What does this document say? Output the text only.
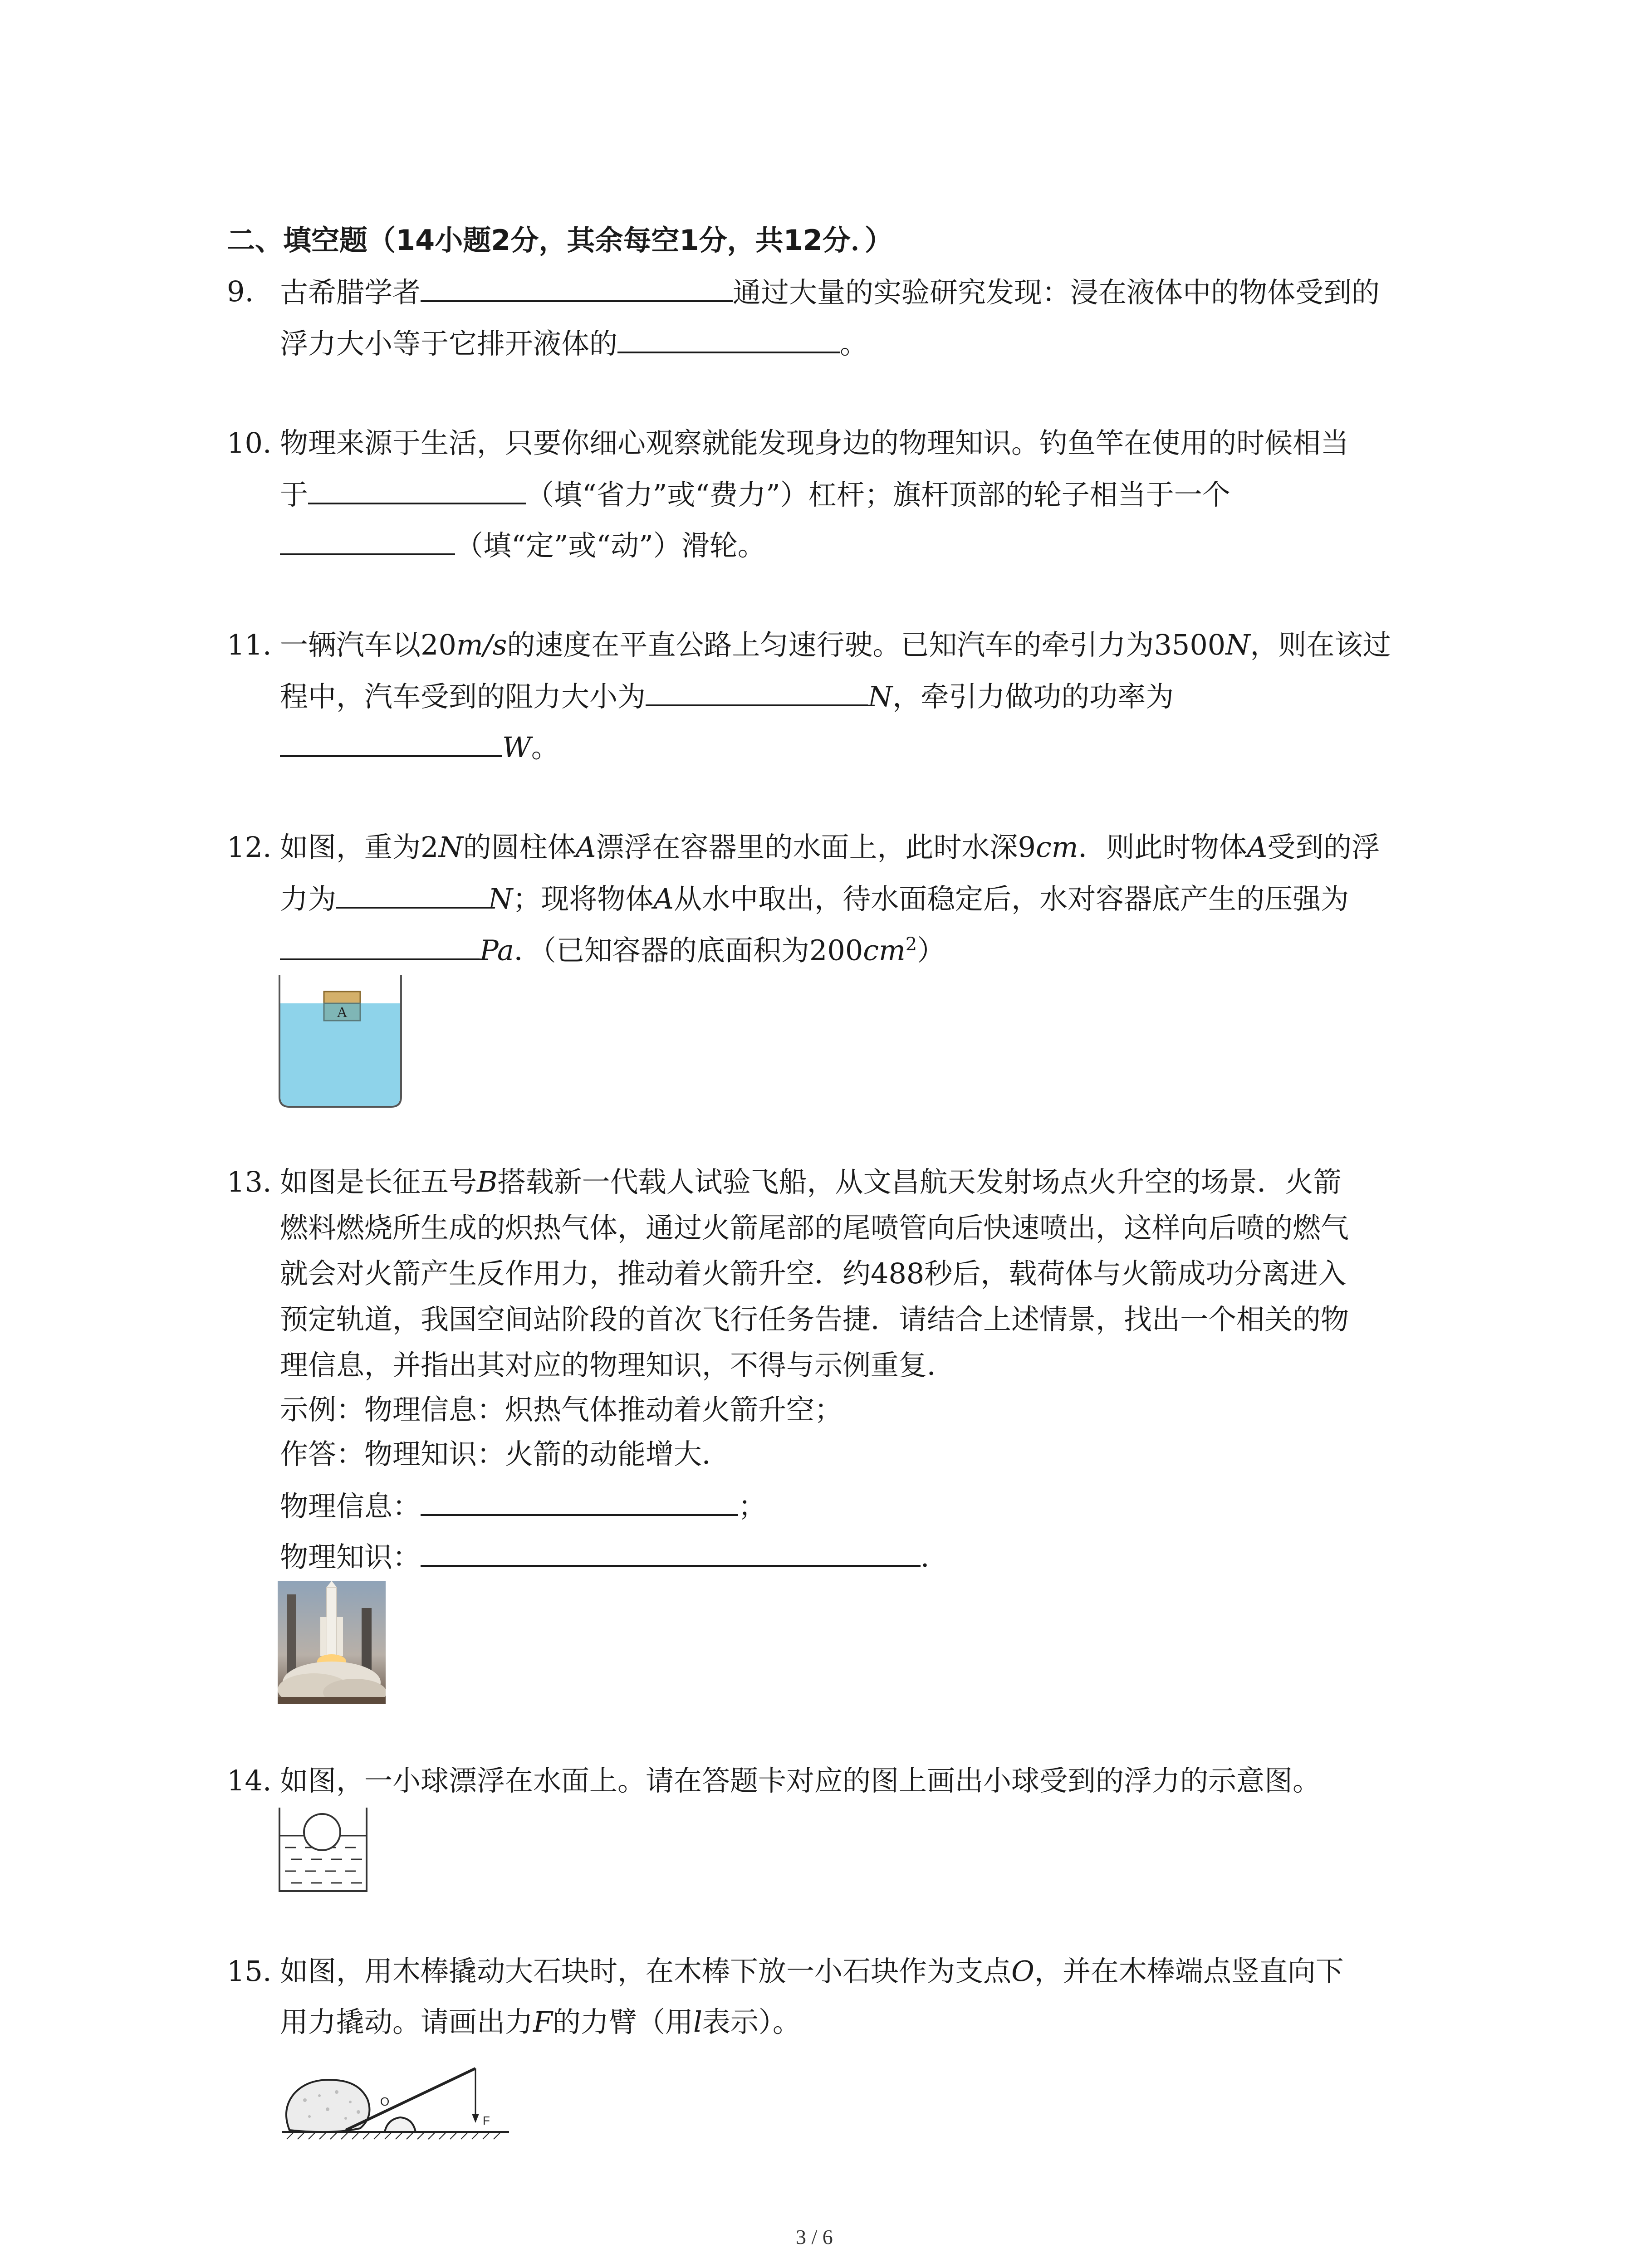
二、填空题（14小题2分，其余每空1分，共12分．）
9. 古希腊学者	通过大量的实验研究发现：浸在液体中的物体受到的
浮力大小等于它排开液体的	。
10. 物理来源于生活，只要你细心观察就能发现身边的物理知识。钓鱼竿在使用的时候相当
于	（填“省力”或“费力”）杠杆；旗杆顶部的轮子相当于一个
（填“定”或“动”）滑轮。
11. 一辆汽车以20m/s的速度在平直公路上匀速行驶。已知汽车的牵引力为3500N，则在该过
程中，汽车受到的阻力大小为	N，牵引力做功的功率为
W。
12. 如图，重为2N的圆柱体A漂浮在容器里的水面上，此时水深9cm．则此时物体A受到的浮
力为	N；现将物体A从水中取出，待水面稳定后，水对容器底产生的压强为
Pa．（已知容器的底面积为$200cm^2$）
A
13. 如图是长征五号B搭载新一代载人试验飞船，从文昌航天发射场点火升空的场景．火箭
燃料燃烧所生成的炽热气体，通过火箭尾部的尾喷管向后快速喷出，这样向后喷的燃气
就会对火箭产生反作用力，推动着火箭升空．约488秒后，载荷体与火箭成功分离进入
预定轨道，我国空间站阶段的首次飞行任务告捷．请结合上述情景，找出一个相关的物
理信息，并指出其对应的物理知识，不得与示例重复．
示例：物理信息：炽热气体推动着火箭升空；
作答：物理知识：火箭的动能增大．
物理信息：	；
物理知识：	．
14. 如图，一小球漂浮在水面上。请在答题卡对应的图上画出小球受到的浮力的示意图。
15. 如图，用木棒撬动大石块时，在木棒下放一小石块作为支点O，并在木棒端点竖直向下
用力撬动。请画出力F的力臂（用l表示）。
O
F
3 / 6
